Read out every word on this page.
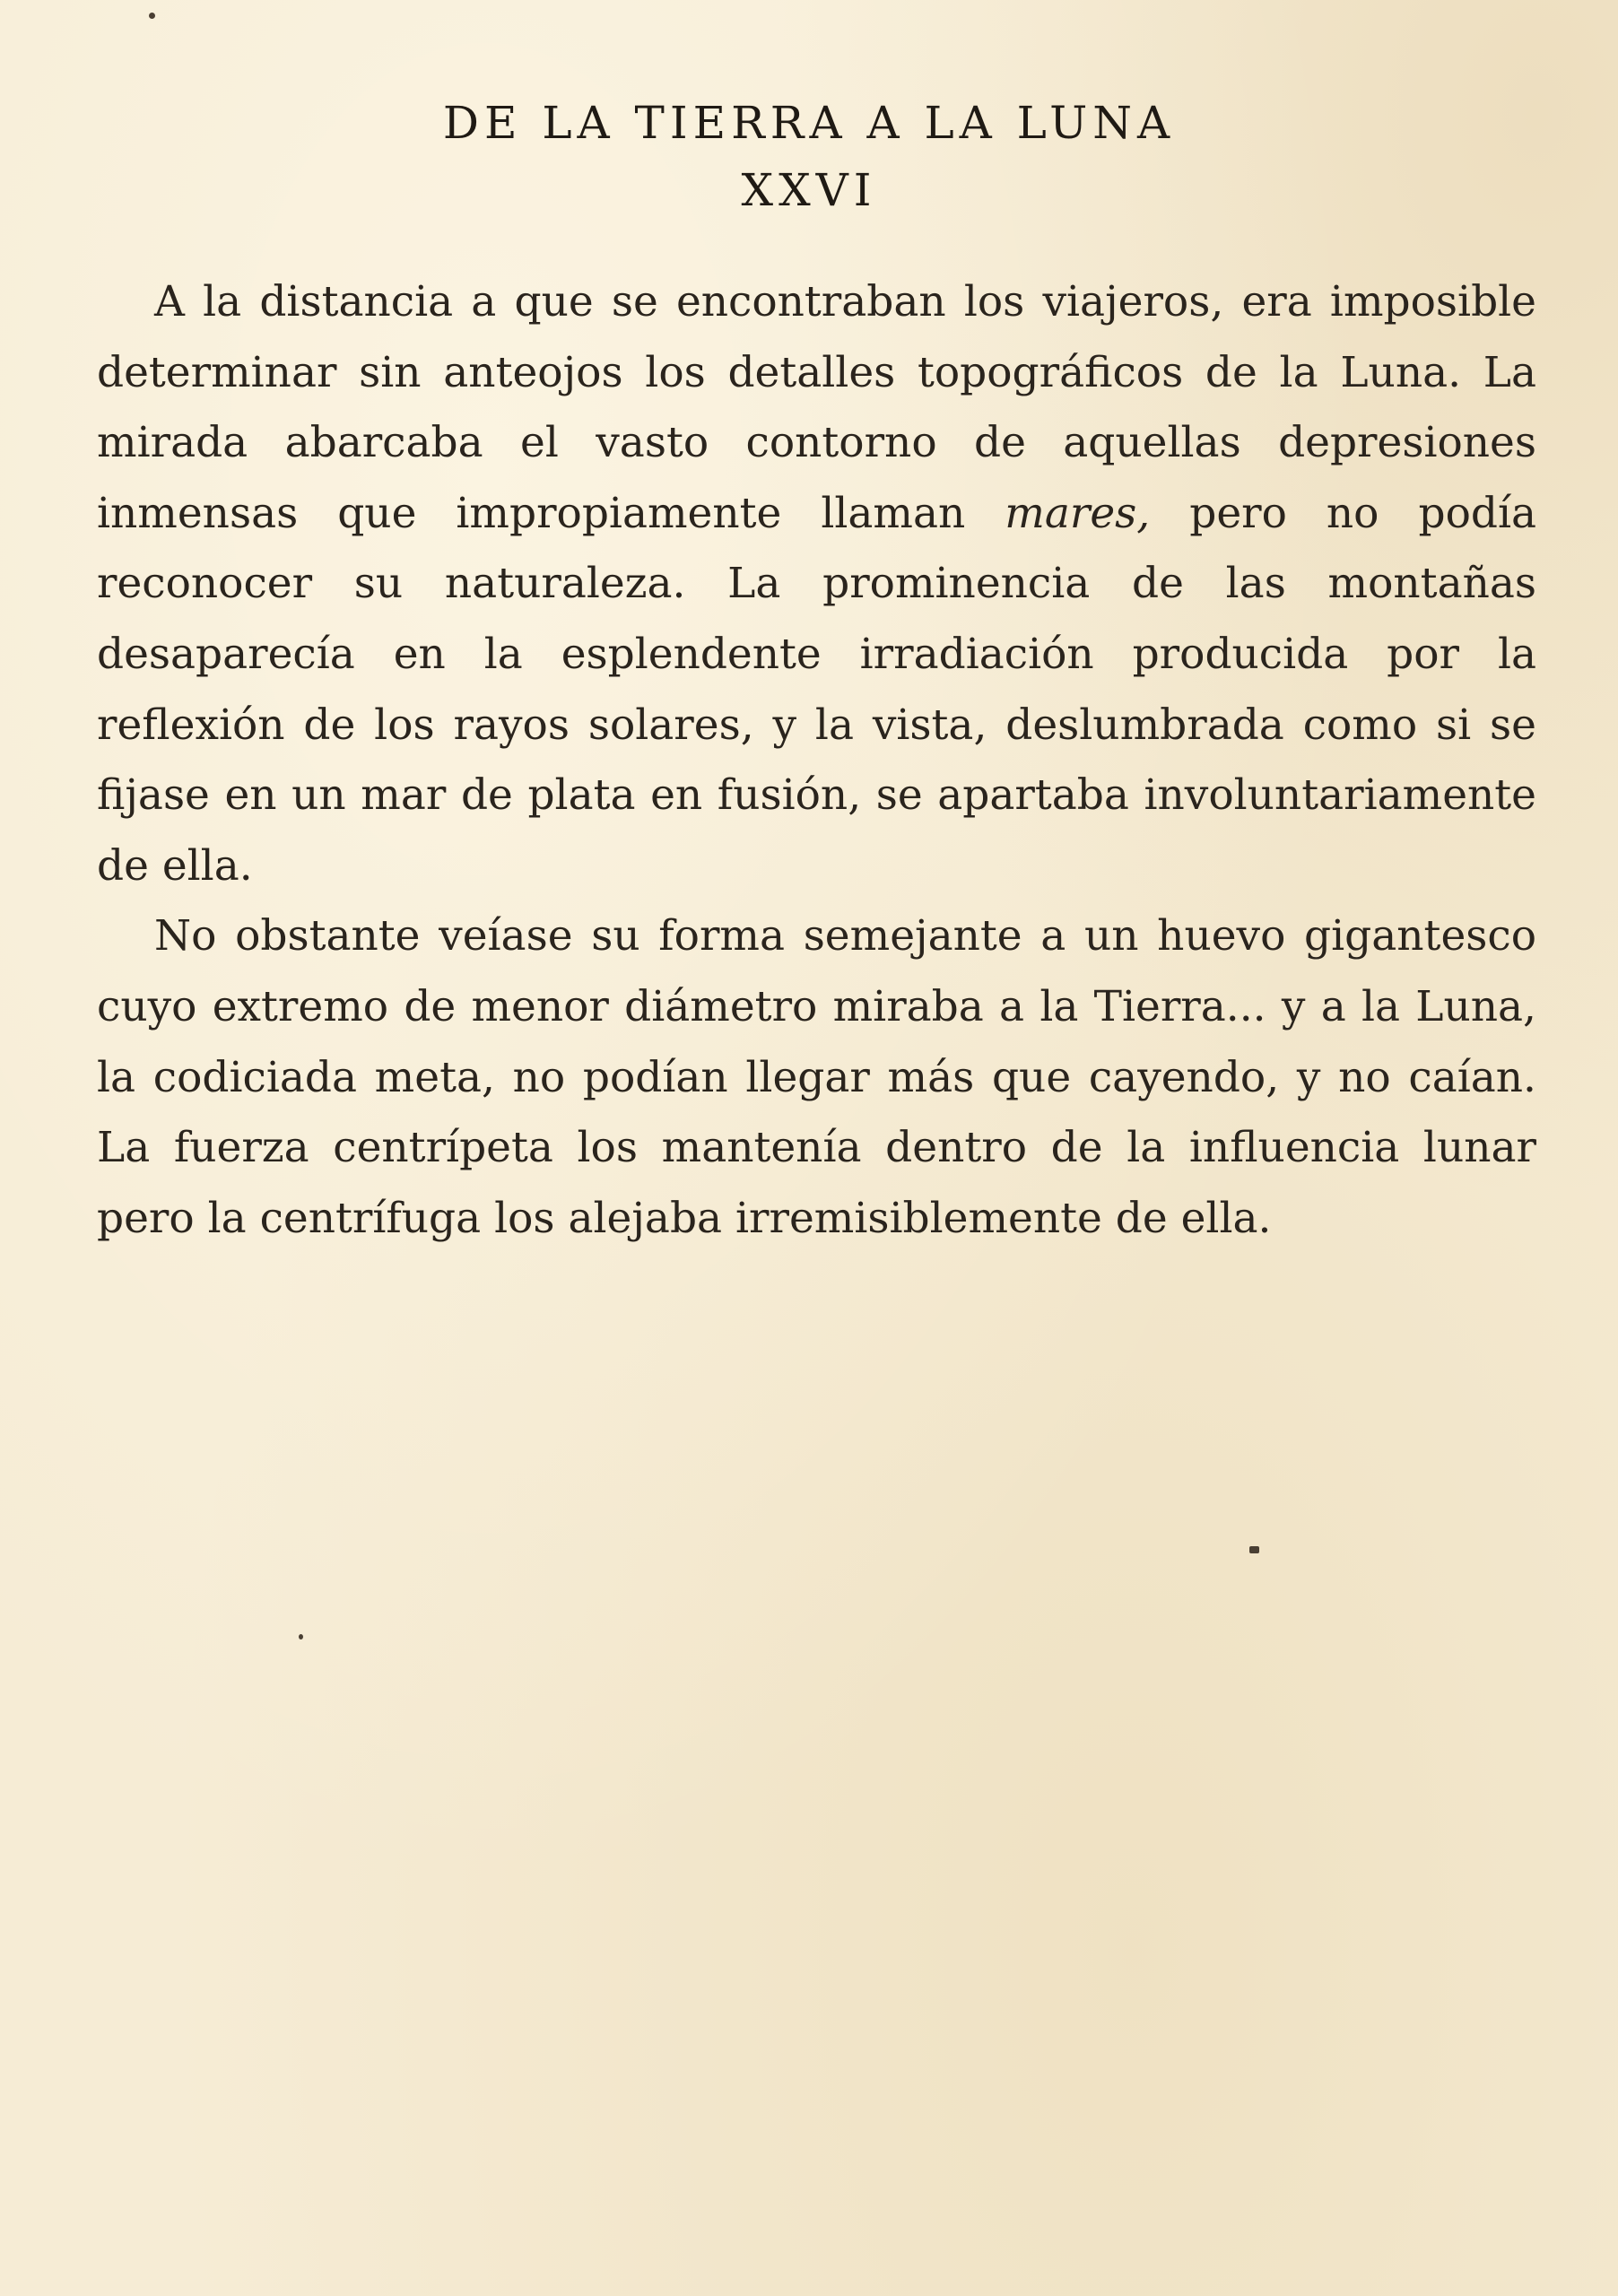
DE LA TIERRA A LA LUNA
XXVI

A la distancia a que se encontraban los viajeros, era imposible determinar sin anteojos los detalles topográficos de la Luna. La mirada abarcaba el vasto contorno de aquellas depresiones inmensas que impropiamente llaman mares, pero no podía reconocer su naturaleza. La prominencia de las montañas desaparecía en la esplendente irradiación producida por la reflexión de los rayos solares, y la vista, deslumbrada como si se fijase en un mar de plata en fusión, se apartaba involuntariamente de ella.

No obstante veíase su forma semejante a un huevo gigantesco cuyo extremo de menor diámetro miraba a la Tierra... y a la Luna, la codiciada meta, no podían llegar más que cayendo, y no caían. La fuerza centrípeta los mantenía dentro de la influencia lunar pero la centrífuga los alejaba irremisiblemente de ella.
